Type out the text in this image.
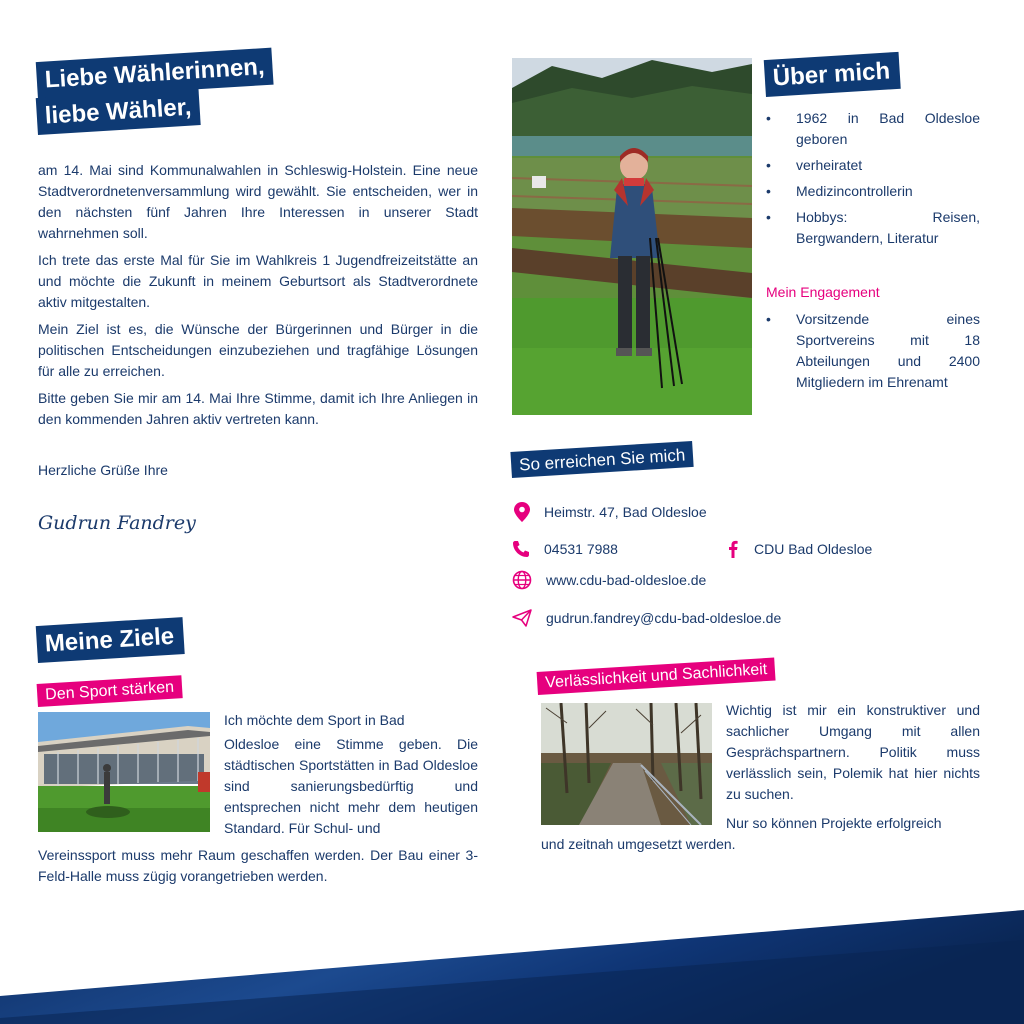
Liebe Wählerinnen,
liebe Wähler,

am 14. Mai sind Kommunalwahlen in Schleswig-Holstein. Eine neue Stadtverordnetenversammlung wird gewählt. Sie entscheiden, wer in den nächsten fünf Jahren Ihre Interessen in unserer Stadt wahrnehmen soll.

Ich trete das erste Mal für Sie im Wahlkreis 1 Jugendfreizeitstätte an und möchte die Zukunft in meinem Geburtsort als Stadtverordnete aktiv mitgestalten.

Mein Ziel ist es, die Wünsche der Bürgerinnen und Bürger in die politischen Entscheidungen einzubeziehen und tragfähige Lösungen für alle zu erreichen.

Bitte geben Sie mir am 14. Mai Ihre Stimme, damit ich Ihre Anliegen in den kommenden Jahren aktiv vertreten kann.

Herzliche Grüße Ihre
Gudrun Fandrey
Meine Ziele
Den Sport stärken
Ich möchte dem Sport in Bad
Oldesloe eine Stimme geben. Die städtischen Sportstätten in Bad Oldesloe sind sanierungsbedürftig und entsprechen nicht mehr dem heutigen Standard. Für Schul- und
Vereinssport muss mehr Raum geschaffen werden. Der Bau einer 3-Feld-Halle muss zügig vorangetrieben werden.
Über mich
• 1962 in Bad Oldesloe geboren
• verheiratet
• Medizincontrollerin
• Hobbys: Reisen, Bergwandern, Literatur
Mein Engagement
• Vorsitzende eines Sportvereins mit 18 Abteilungen und 2400 Mitgliedern im Ehrenamt
So erreichen Sie mich
Heimstr. 47, Bad Oldesloe
04531 7988	CDU Bad Oldesloe
www.cdu-bad-oldesloe.de
gudrun.fandrey@cdu-bad-oldesloe.de
Verlässlichkeit und Sachlichkeit
Wichtig ist mir ein konstruktiver und sachlicher Umgang mit allen Gesprächspartnern. Politik muss verlässlich sein, Polemik hat hier nichts zu suchen.
Nur so können Projekte erfolgreich
und zeitnah umgesetzt werden.
